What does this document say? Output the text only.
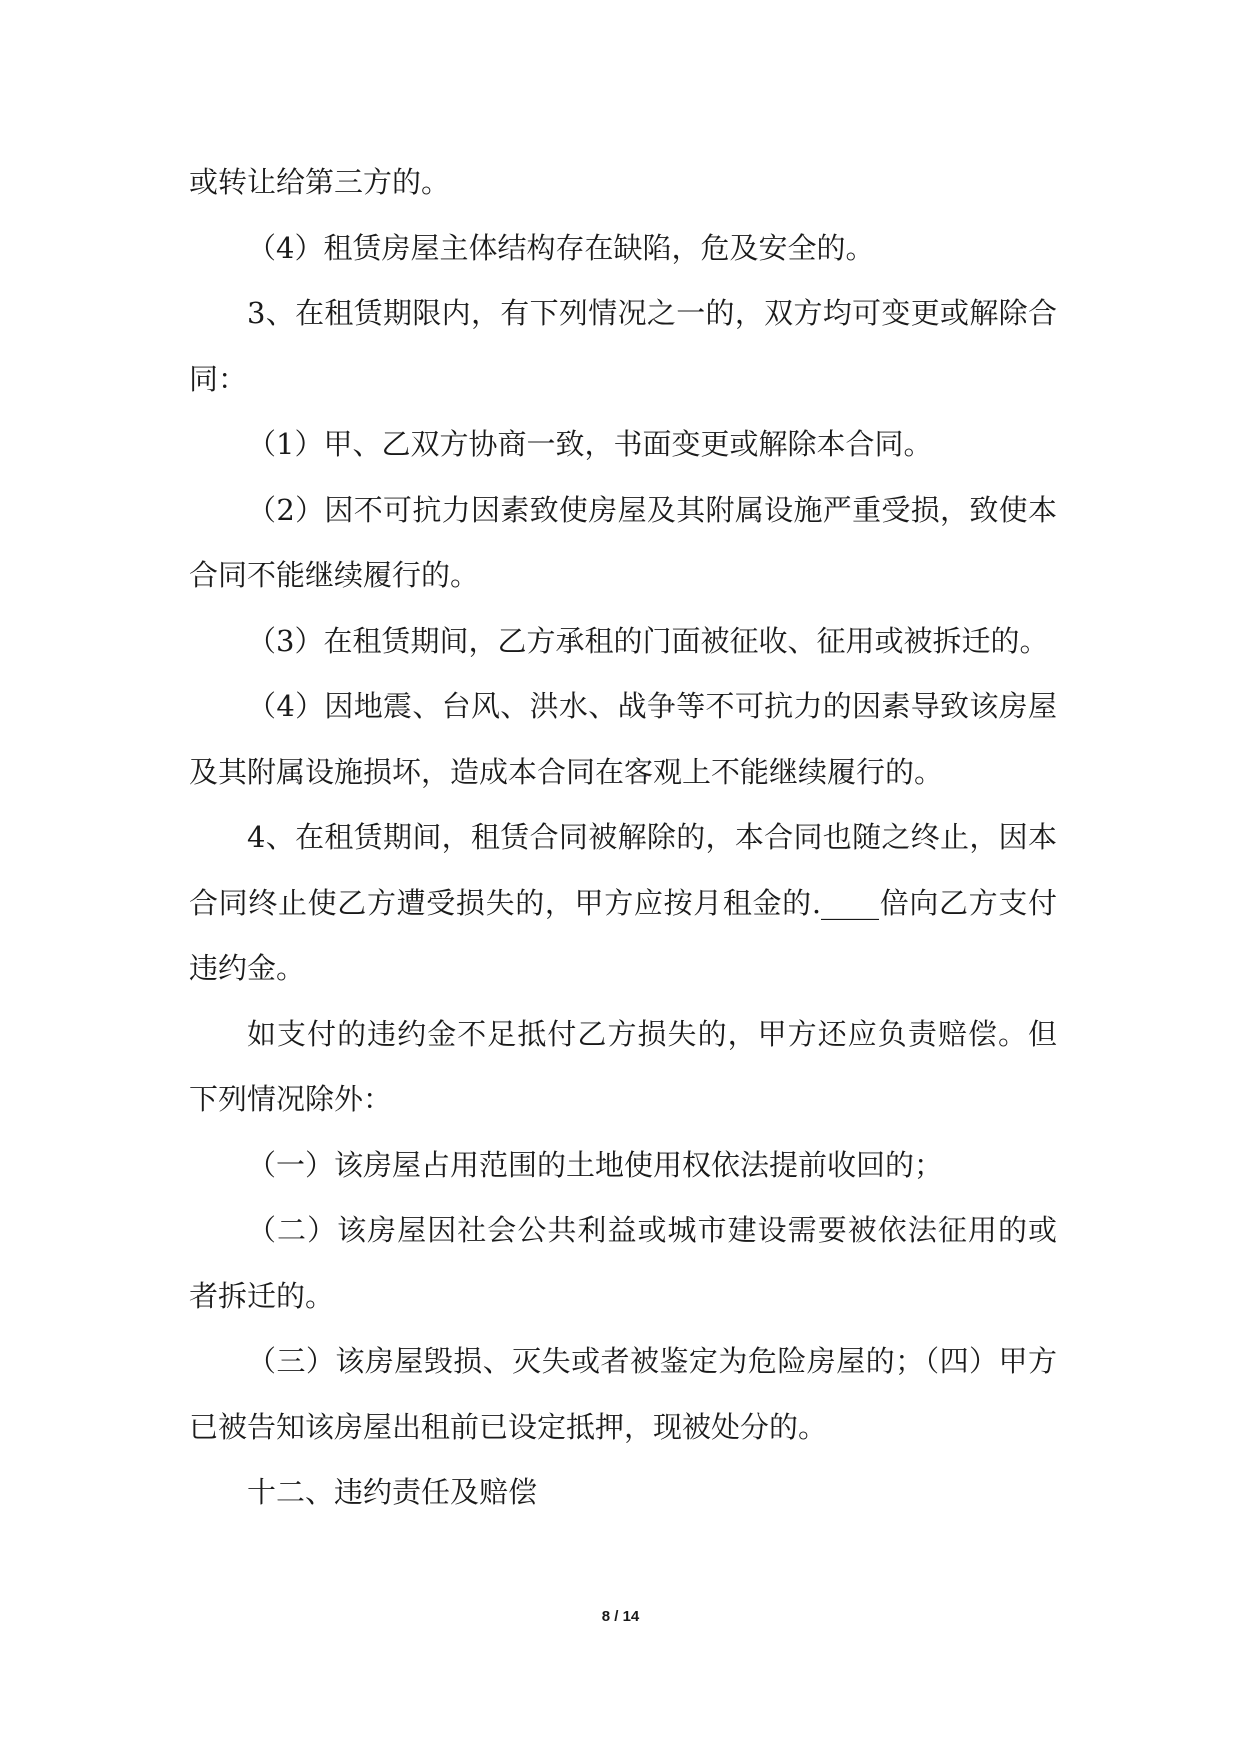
或转让给第三方的。

（4）租赁房屋主体结构存在缺陷，危及安全的。

3、在租赁期限内，有下列情况之一的，双方均可变更或解除合同：

（1）甲、乙双方协商一致，书面变更或解除本合同。

（2）因不可抗力因素致使房屋及其附属设施严重受损，致使本合同不能继续履行的。

（3）在租赁期间，乙方承租的门面被征收、征用或被拆迁的。

（4）因地震、台风、洪水、战争等不可抗力的因素导致该房屋及其附属设施损坏，造成本合同在客观上不能继续履行的。

4、在租赁期间，租赁合同被解除的，本合同也随之终止，因本合同终止使乙方遭受损失的，甲方应按月租金的.____倍向乙方支付违约金。

如支付的违约金不足抵付乙方损失的，甲方还应负责赔偿。但下列情况除外：

（一）该房屋占用范围的土地使用权依法提前收回的；

（二）该房屋因社会公共利益或城市建设需要被依法征用的或者拆迁的。

（三）该房屋毁损、灭失或者被鉴定为危险房屋的；（四）甲方已被告知该房屋出租前已设定抵押，现被处分的。

十二、违约责任及赔偿

8 / 14
